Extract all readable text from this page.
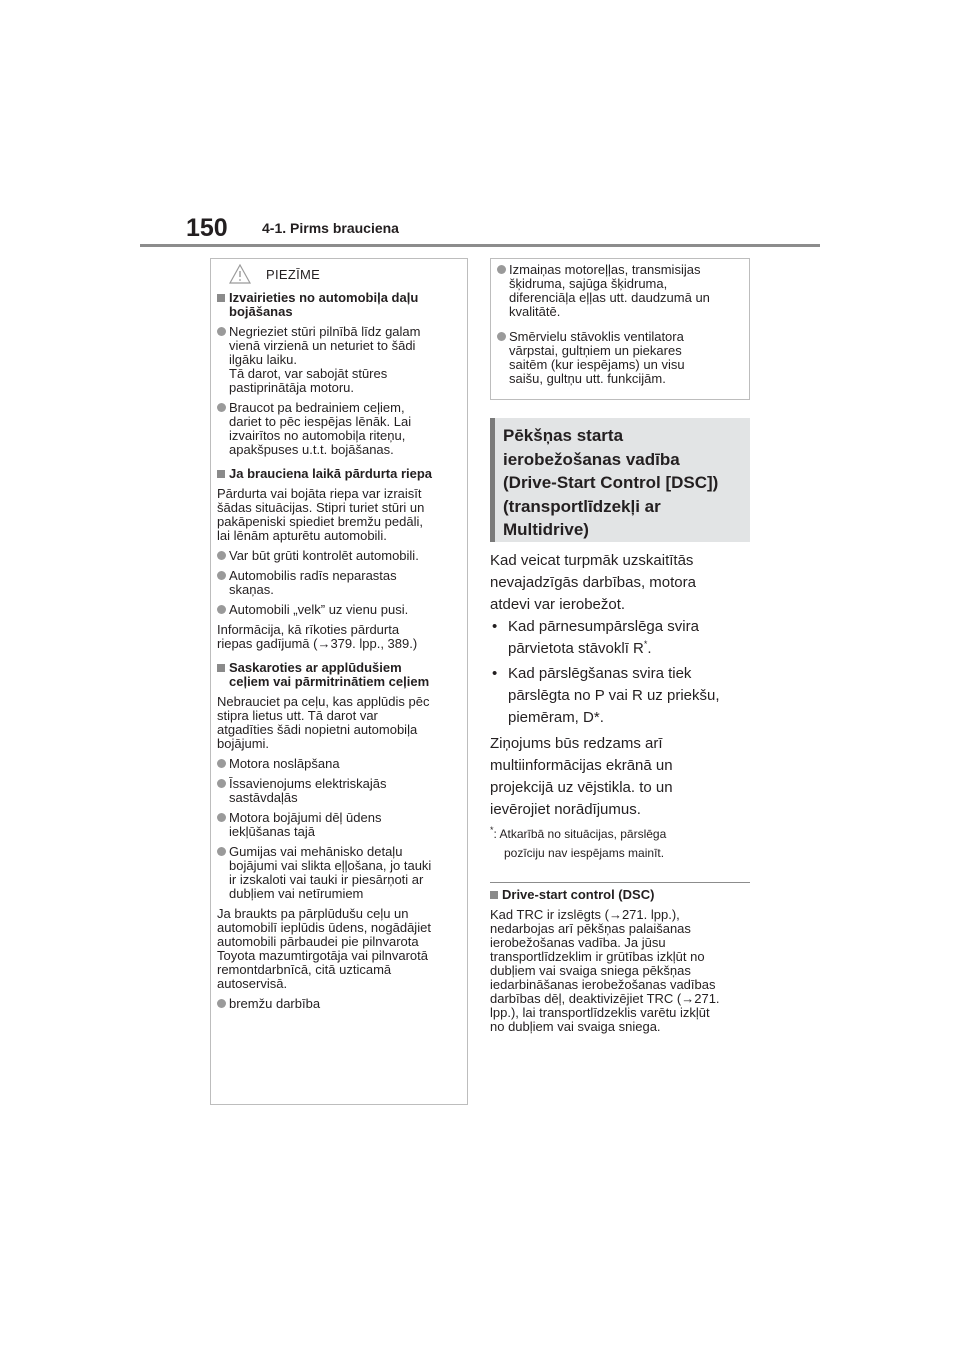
150 4-1. Pirms brauciena
PIEZĪME
Izvairieties no automobiļa daļu
bojāšanas
Negrieziet stūri pilnībā līdz galam
vienā virzienā un neturiet to šādi
ilgāku laiku.
Tā darot, var sabojāt stūres
pastiprinātāja motoru.
Braucot pa bedrainiem ceļiem,
dariet to pēc iespējas lēnāk. Lai
izvairītos no automobiļa riteņu,
apakšpuses u.t.t. bojāšanas.
Ja brauciena laikā pārdurta riepa
Pārdurta vai bojāta riepa var izraisīt
šādas situācijas. Stipri turiet stūri un
pakāpeniski spiediet bremžu pedāli,
lai lēnām apturētu automobili.
Var būt grūti kontrolēt automobili.
Automobilis radīs neparastas
skaņas.
Automobili „velk” uz vienu pusi.
Informācija, kā rīkoties pārdurta
riepas gadījumā (→379. lpp., 389.)
Saskaroties ar applūdušiem
ceļiem vai pārmitrinātiem ceļiem
Nebrauciet pa ceļu, kas applūdis pēc
stipra lietus utt. Tā darot var
atgadīties šādi nopietni automobiļa
bojājumi.
Motora noslāpšana
Īssavienojums elektriskajās
sastāvdaļās
Motora bojājumi dēļ ūdens
iekļūšanas tajā
Gumijas vai mehānisko detaļu
bojājumi vai slikta eļļošana, jo tauki
ir izskaloti vai tauki ir piesārņoti ar
dubļiem vai netīrumiem
Ja braukts pa pārplūdušu ceļu un
automobilī ieplūdis ūdens, nogādājiet
automobili pārbaudei pie pilnvarota
Toyota mazumtirgotāja vai pilnvarotā
remontdarbnīcā, citā uzticamā
autoservisā.
bremžu darbība
Izmaiņas motoreļļas, transmisijas
šķidruma, sajūga šķidruma,
diferenciāļa eļļas utt. daudzumā un
kvalitātē.
Smērvielu stāvoklis ventilatora
vārpstai, gultņiem un piekares
saitēm (kur iespējams) un visu
saišu, gultņu utt. funkcijām.
Pēkšņas starta
ierobežošanas vadība
(Drive-Start Control [DSC])
(transportlīdzekļi ar
Multidrive)
Kad veicat turpmāk uzskaitītās
nevajadzīgās darbības, motora
atdevi var ierobežot.
• Kad pārnesumpārslēga svira
pārvietota stāvoklī R*.
• Kad pārslēgšanas svira tiek
pārslēgta no P vai R uz priekšu,
piemēram, D*.
Ziņojums būs redzams arī
multiinformācijas ekrānā un
projekcijā uz vējstikla. to un
ievērojiet norādījumus.
*: Atkarībā no situācijas, pārslēga
pozīciju nav iespējams mainīt.
Drive-start control (DSC)
Kad TRC ir izslēgts (→271. lpp.),
nedarbojas arī pēkšņas palaišanas
ierobežošanas vadība. Ja jūsu
transportlīdzeklim ir grūtības izkļūt no
dubļiem vai svaiga sniega pēkšņas
iedarbināšanas ierobežošanas vadības
darbības dēļ, deaktivizējiet TRC (→271.
lpp.), lai transportlīdzeklis varētu izkļūt
no dubļiem vai svaiga sniega.
